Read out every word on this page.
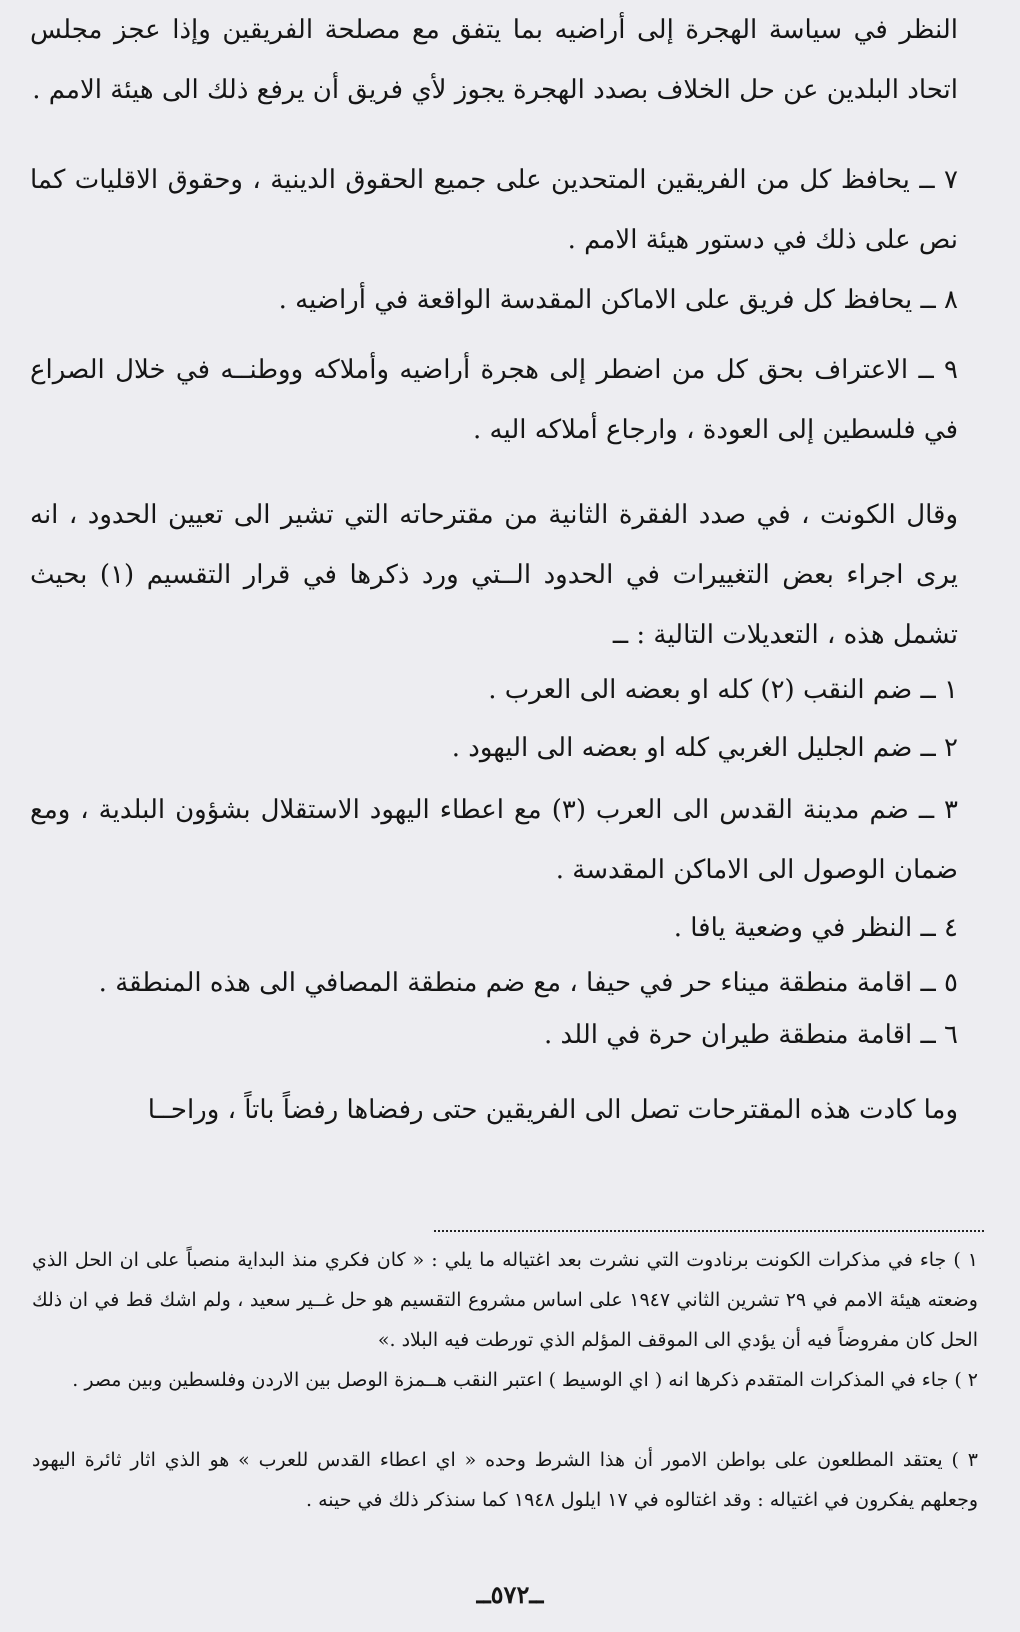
النظر في سياسة الهجرة إلى أراضيه بما يتفق مع مصلحة الفريقين وإذا عجز مجلس اتحاد البلدين عن حل الخلاف بصدد الهجرة يجوز لأي فريق أن يرفع ذلك الى هيئة الامم .

٧ ــ يحافظ كل من الفريقين المتحدين على جميع الحقوق الدينية ، وحقوق الاقليات كما نص على ذلك في دستور هيئة الامم .

٨ ــ يحافظ كل فريق على الاماكن المقدسة الواقعة في أراضيه .

٩ ــ الاعتراف بحق كل من اضطر إلى هجرة أراضيه وأملاكه ووطنــه في خلال الصراع في فلسطين إلى العودة ، وارجاع أملاكه اليه .

وقال الكونت ، في صدد الفقرة الثانية من مقترحاته التي تشير الى تعيين الحدود ، انه يرى اجراء بعض التغييرات في الحدود الــتي ورد ذكرها في قرار التقسيم (١) بحيث تشمل هذه ، التعديلات التالية : ــ

١ ــ ضم النقب (٢) كله او بعضه الى العرب .

٢ ــ ضم الجليل الغربي كله او بعضه الى اليهود .

٣ ــ ضم مدينة القدس الى العرب (٣) مع اعطاء اليهود الاستقلال بشؤون البلدية ، ومع ضمان الوصول الى الاماكن المقدسة .

٤ ــ النظر في وضعية يافا .

٥ ــ اقامة منطقة ميناء حر في حيفا ، مع ضم منطقة المصافي الى هذه المنطقة .

٦ ــ اقامة منطقة طيران حرة في اللد .

وما كادت هذه المقترحات تصل الى الفريقين حتى رفضاها رفضاً باتاً ، وراحــا

١ ) جاء في مذكرات الكونت برنادوت التي نشرت بعد اغتياله ما يلي : « كان فكري منذ البداية منصباً على ان الحل الذي وضعته هيئة الامم في ٢٩ تشرين الثاني ١٩٤٧ على اساس مشروع التقسيم هو حل غــير سعيد ، ولم اشك قط في ان ذلك الحل كان مفروضاً فيه أن يؤدي الى الموقف المؤلم الذي تورطت فيه البلاد .»

٢ ) جاء في المذكرات المتقدم ذكرها انه ( اي الوسيط ) اعتبر النقب هــمزة الوصل بين الاردن وفلسطين وبين مصر .

٣ ) يعتقد المطلعون على بواطن الامور أن هذا الشرط وحده « اي اعطاء القدس للعرب » هو الذي اثار ثائرة اليهود وجعلهم يفكرون في اغتياله : وقد اغتالوه في ١٧ ايلول ١٩٤٨ كما سنذكر ذلك في حينه .

ــ٥٧٢ــ
